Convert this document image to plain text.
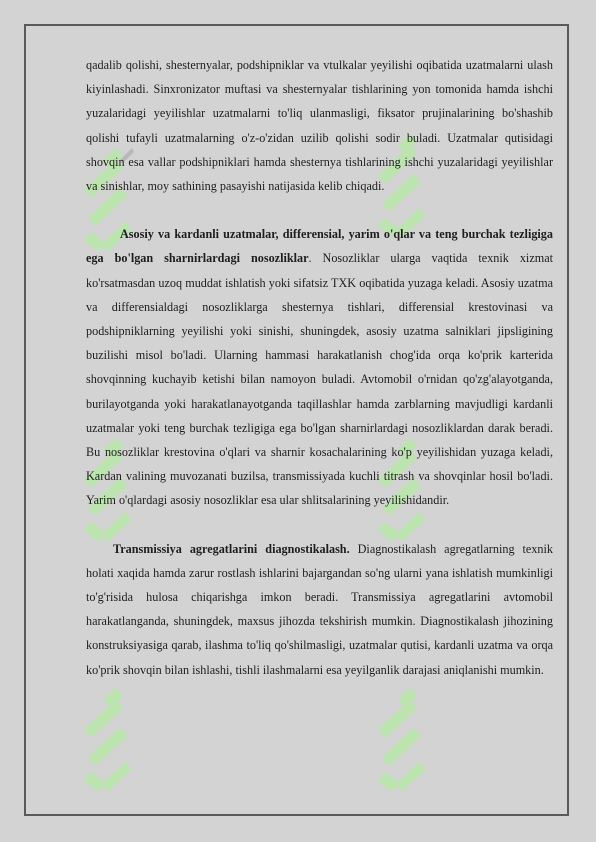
qadalib qolishi, shesternyalar, podshipniklar va vtulkalar yeyilishi oqibatida uzatmalarni ulash kiyinlashadi. Sinxronizator muftasi va shesternyalar tishlarining yon tomonida hamda ishchi yuzalaridagi yeyilishlar uzatmalarni to'liq ulanmasligi, fiksator prujinalarining bo'shashib qolishi tufayli uzatmalarning o'z-o'zidan uzilib qolishi sodir buladi. Uzatmalar qutisidagi shovqin esa vallar podshipniklari hamda shesternya tishlarining ishchi yuzalaridagi yeyilishlar va sinishlar, moy sathining pasayishi natijasida kelib chiqadi.

Asosiy va kardanli uzatmalar, differensial, yarim o'qlar va teng burchak tezligiga ega bo'lgan sharnirlardagi nosozliklar. Nosozliklar ularga vaqtida texnik xizmat ko'rsatmasdan uzoq muddat ishlatish yoki sifatsiz TXK oqibatida yuzaga keladi. Asosiy uzatma va differensialdagi nosozliklarga shesternya tishlari, differensial krestovinasi va podshipniklarning yeyilishi yoki sinishi, shuningdek, asosiy uzatma salniklari jipsligining buzilishi misol bo'ladi. Ularning hammasi harakatlanish chog'ida orqa ko'prik karterida shovqinning kuchayib ketishi bilan namoyon buladi. Avtomobil o'rnidan qo'zg'alayotganda, burilayotganda yoki harakatlanayotganda taqillashlar hamda zarblarning mavjudligi kardanli uzatmalar yoki teng burchak tezligiga ega bo'lgan sharnirlardagi nosozliklardan darak beradi. Bu nosozliklar krestovina o'qlari va sharnir kosachalarining ko'p yeyilishidan yuzaga keladi, Kardan valining muvozanati buzilsa, transmissiyada kuchli titrash va shovqinlar hosil bo'ladi. Yarim o'qlardagi asosiy nosozliklar esa ular shlitsalarining yeyilishidandir.

Transmissiya agregatlarini diagnostikalash. Diagnostikalash agregatlarning texnik holati xaqida hamda zarur rostlash ishlarini bajargandan so'ng ularni yana ishlatish mumkinligi to'g'risida hulosa chiqarishga imkon beradi. Transmissiya agregatlarini avtomobil harakatlanganda, shuningdek, maxsus jihozda tekshirish mumkin. Diagnostikalash jihozining konstruksiyasiga qarab, ilashma to'liq qo'shilmasligi, uzatmalar qutisi, kardanli uzatma va orqa ko'prik shovqin bilan ishlashi, tishli ilashmalarni esa yeyilganlik darajasi aniqlanishi mumkin.
